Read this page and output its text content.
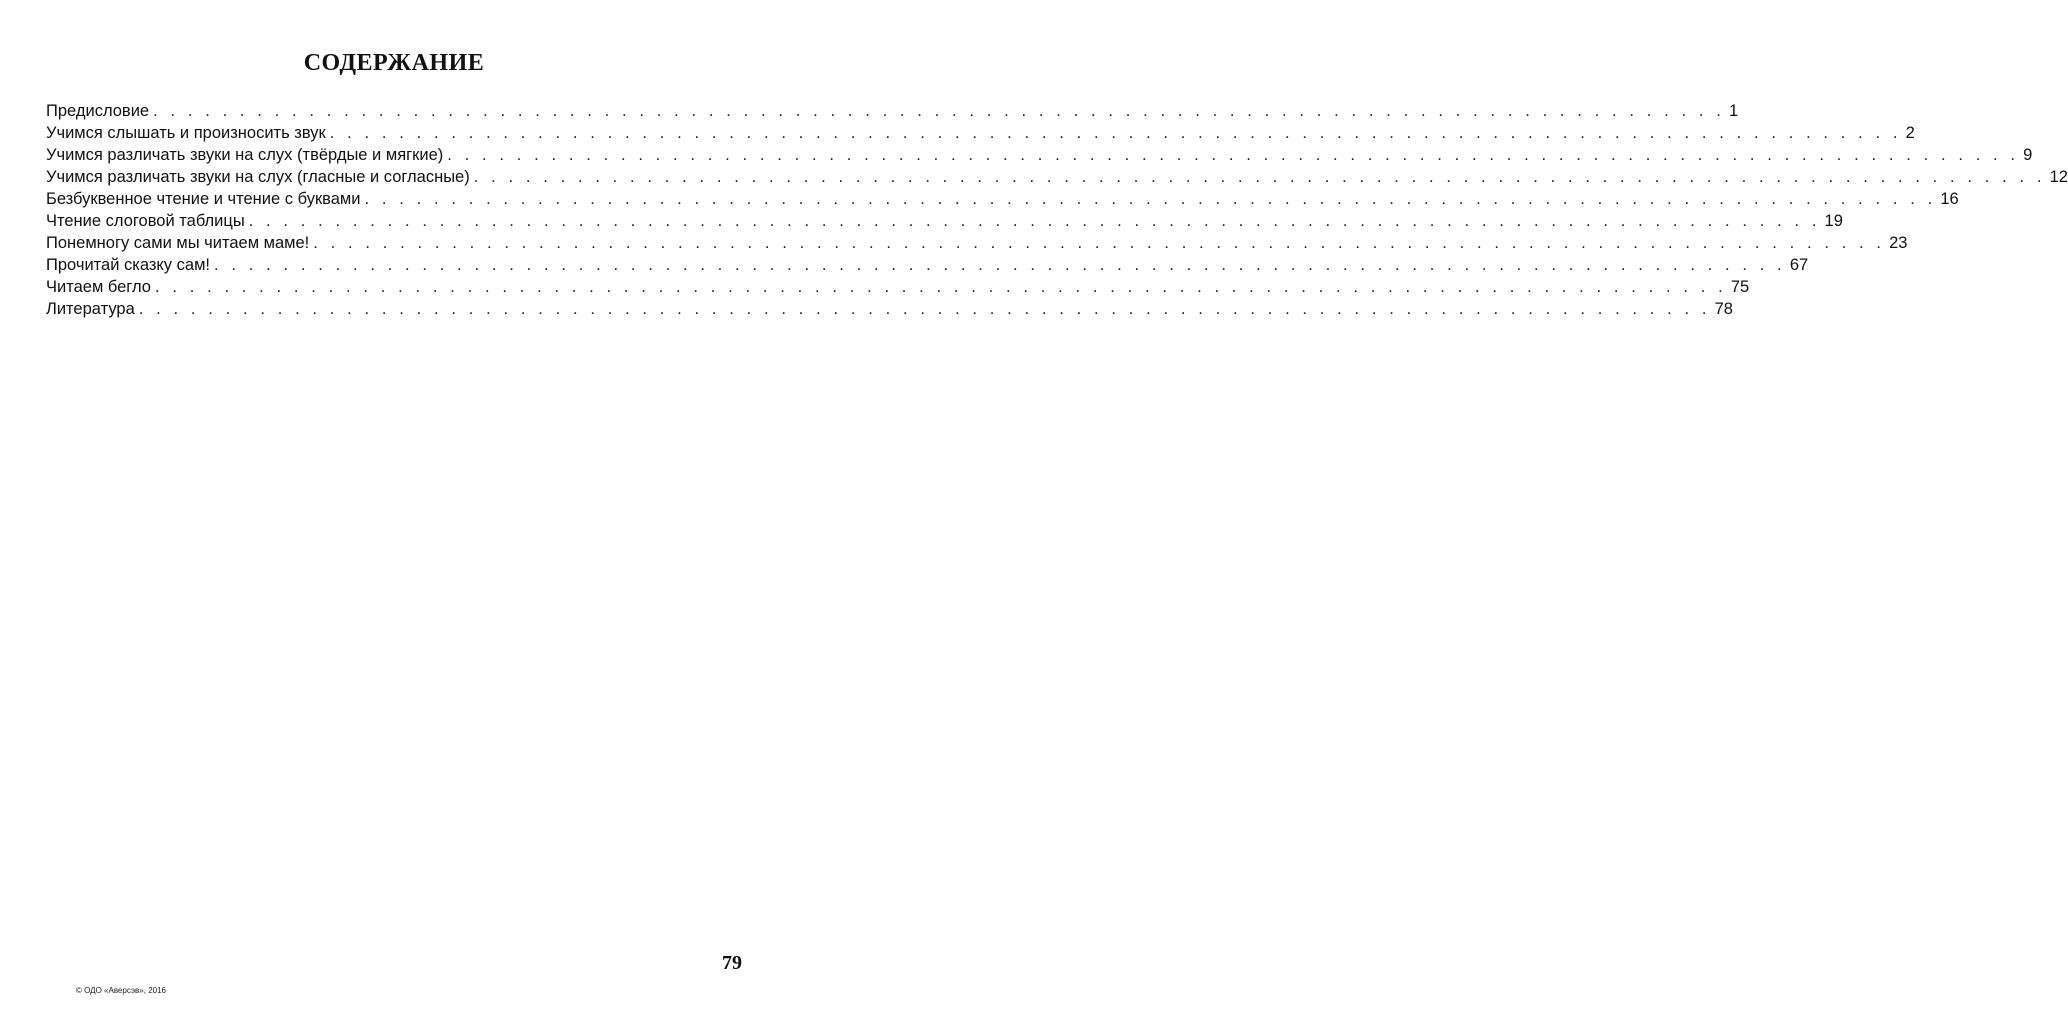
СОДЕРЖАНИЕ
Предисловие . . . . . . . . . . . . . . . . . . . . . . . . . . . . . . . . . . . . . . . . . . . . . . . . . . . . . . . . . . . . . . . . . . . . . . . . . . . . . . . . . . . . . . . . . . . 1
Учимся слышать и произносить звук . . . . . . . . . . . . . . . . . . . . . . . . . . . . . . . . . . . . . . . . . . . . . . . . . . . . . . . . . . . . . . . . . . . . . . . . . . . . . . . . . . . . . . . . . . . 2
Учимся различать звуки на слух (твёрдые и мягкие) . . . . . . . . . . . . . . . . . . . . . . . . . . . . . . . . . . . . . . . . . . . . . . . . . . . . . . . . . . . . . . . . . . . . . . . . . . . . . . . . . . . . . . . . . . . 9
Учимся различать звуки на слух (гласные и согласные) . . . . . . . . . . . . . . . . . . . . . . . . . . . . . . . . . . . . . . . . . . . . . . . . . . . . . . . . . . . . . . . . . . . . . . . . . . . . . . . . . . . . . . . . . . . 12
Безбуквенное чтение и чтение с буквами . . . . . . . . . . . . . . . . . . . . . . . . . . . . . . . . . . . . . . . . . . . . . . . . . . . . . . . . . . . . . . . . . . . . . . . . . . . . . . . . . . . . . . . . . . . 16
Чтение слоговой таблицы . . . . . . . . . . . . . . . . . . . . . . . . . . . . . . . . . . . . . . . . . . . . . . . . . . . . . . . . . . . . . . . . . . . . . . . . . . . . . . . . . . . . . . . . . . . 19
Понемногу сами мы читаем маме! . . . . . . . . . . . . . . . . . . . . . . . . . . . . . . . . . . . . . . . . . . . . . . . . . . . . . . . . . . . . . . . . . . . . . . . . . . . . . . . . . . . . . . . . . . . 23
Прочитай сказку сам! . . . . . . . . . . . . . . . . . . . . . . . . . . . . . . . . . . . . . . . . . . . . . . . . . . . . . . . . . . . . . . . . . . . . . . . . . . . . . . . . . . . . . . . . . . . 67
Читаем бегло . . . . . . . . . . . . . . . . . . . . . . . . . . . . . . . . . . . . . . . . . . . . . . . . . . . . . . . . . . . . . . . . . . . . . . . . . . . . . . . . . . . . . . . . . . . 75
Литература . . . . . . . . . . . . . . . . . . . . . . . . . . . . . . . . . . . . . . . . . . . . . . . . . . . . . . . . . . . . . . . . . . . . . . . . . . . . . . . . . . . . . . . . . . . 78
79
© ОДО «Аверсэв», 2016
